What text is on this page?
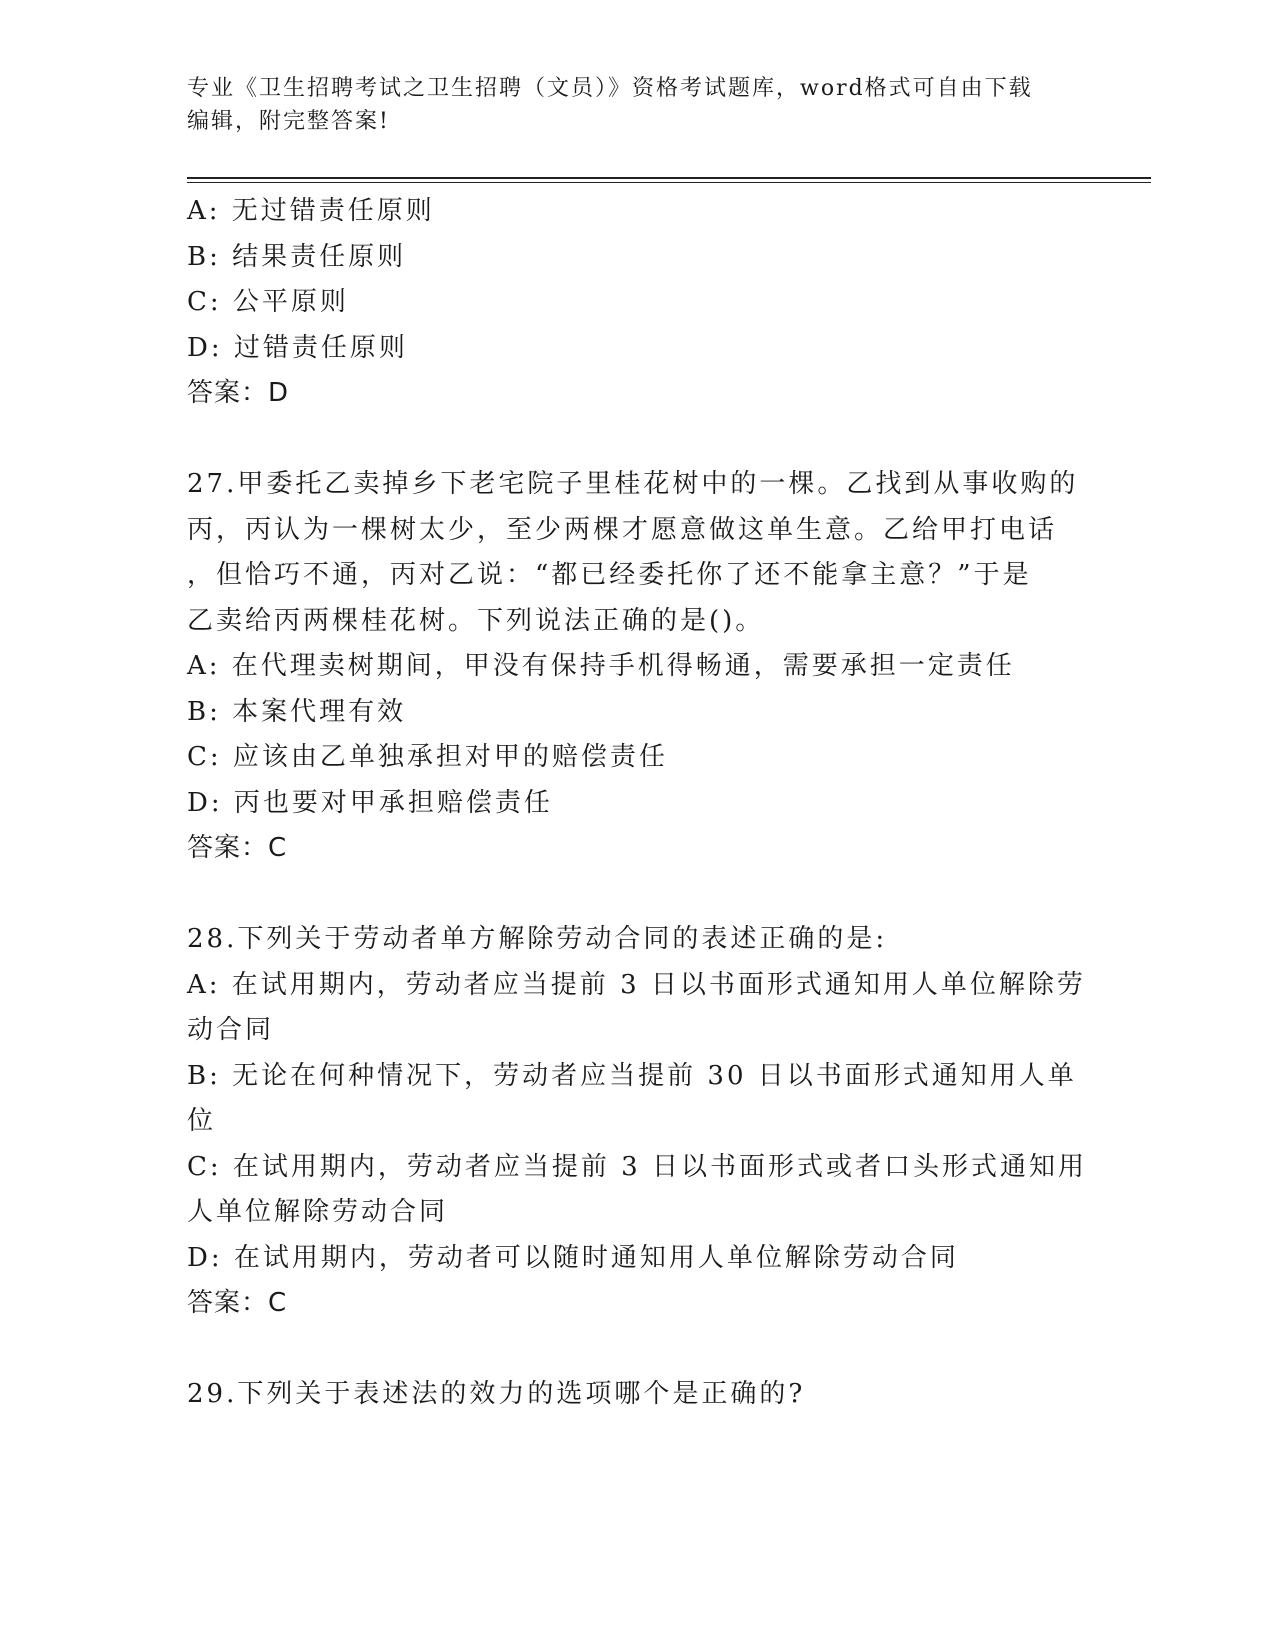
专业《卫生招聘考试之卫生招聘（文员）》资格考试题库，word格式可自由下载
编辑，附完整答案!
A: 无过错责任原则
B: 结果责任原则
C: 公平原则
D: 过错责任原则
答案：D
27.甲委托乙卖掉乡下老宅院子里桂花树中的一棵。乙找到从事收购的
丙，丙认为一棵树太少，至少两棵才愿意做这单生意。乙给甲打电话
，但恰巧不通，丙对乙说：“都已经委托你了还不能拿主意？”于是
乙卖给丙两棵桂花树。下列说法正确的是()。
A: 在代理卖树期间，甲没有保持手机得畅通，需要承担一定责任
B: 本案代理有效
C: 应该由乙单独承担对甲的赔偿责任
D: 丙也要对甲承担赔偿责任
答案：C
28.下列关于劳动者单方解除劳动合同的表述正确的是:
A: 在试用期内，劳动者应当提前 3 日以书面形式通知用人单位解除劳
动合同
B: 无论在何种情况下，劳动者应当提前 30 日以书面形式通知用人单
位
C: 在试用期内，劳动者应当提前 3 日以书面形式或者口头形式通知用
人单位解除劳动合同
D: 在试用期内，劳动者可以随时通知用人单位解除劳动合同
答案：C
29.下列关于表述法的效力的选项哪个是正确的?
